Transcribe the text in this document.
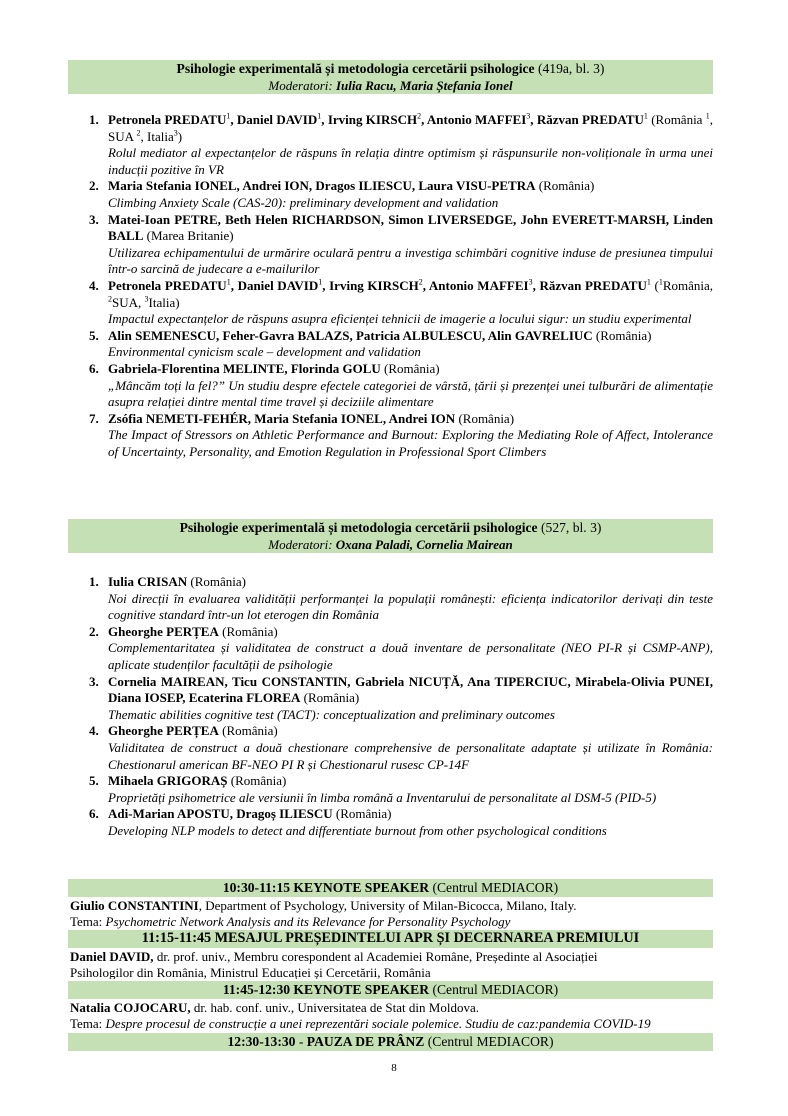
Psihologie experimentală și metodologia cercetării psihologice (419a, bl. 3)
Moderatori: Iulia Racu, Maria Ștefania Ionel
1. Petronela PREDATU$^1$, Daniel DAVID$^1$, Irving KIRSCH$^2$, Antonio MAFFEI$^3$, Răzvan PREDATU$^1$ (România $^1$, SUA $^2$, Italia$^3$)
Rolul mediator al expectanțelor de răspuns în relația dintre optimism și răspunsurile non-voliționale în urma unei inducții pozitive în VR
2. Maria Stefania IONEL, Andrei ION, Dragos ILIESCU, Laura VISU-PETRA (România)
Climbing Anxiety Scale (CAS-20): preliminary development and validation
3. Matei-Ioan PETRE, Beth Helen RICHARDSON, Simon LIVERSEDGE, John EVERETT-MARSH, Linden BALL (Marea Britanie)
Utilizarea echipamentului de urmărire oculară pentru a investiga schimbări cognitive induse de presiunea timpului într-o sarcină de judecare a e-mailurilor
4. Petronela PREDATU$^1$, Daniel DAVID$^1$, Irving KIRSCH$^2$, Antonio MAFFEI$^3$, Răzvan PREDATU$^1$ ($^1$România, $^2$SUA, $^3$Italia)
Impactul expectanțelor de răspuns asupra eficienței tehnicii de imagerie a locului sigur: un studiu experimental
5. Alin SEMENESCU, Feher-Gavra BALAZS, Patricia ALBULESCU, Alin GAVRELIUC (România)
Environmental cynicism scale – development and validation
6. Gabriela-Florentina MELINTE, Florinda GOLU (România)
„Mâncăm toți la fel?” Un studiu despre efectele categoriei de vârstă, țării și prezenței unei tulburări de alimentație asupra relației dintre mental time travel și deciziile alimentare
7. Zsófia NEMETI-FEHÉR, Maria Stefania IONEL, Andrei ION (România)
The Impact of Stressors on Athletic Performance and Burnout: Exploring the Mediating Role of Affect, Intolerance of Uncertainty, Personality, and Emotion Regulation in Professional Sport Climbers
Psihologie experimentală și metodologia cercetării psihologice (527, bl. 3)
Moderatori: Oxana Paladi, Cornelia Mairean
1. Iulia CRISAN (România)
Noi direcții în evaluarea validității performanței la populații românești: eficiența indicatorilor derivați din teste cognitive standard într-un lot eterogen din România
2. Gheorghe PERȚEA (România)
Complementaritatea și validitatea de construct a două inventare de personalitate (NEO PI-R și CSMP-ANP), aplicate studenților facultății de psihologie
3. Cornelia MAIREAN, Ticu CONSTANTIN, Gabriela NICUȚĂ, Ana TIPERCIUC, Mirabela-Olivia PUNEI, Diana IOSEP, Ecaterina FLOREA (România)
Thematic abilities cognitive test (TACT): conceptualization and preliminary outcomes
4. Gheorghe PERȚEA (România)
Validitatea de construct a două chestionare comprehensive de personalitate adaptate și utilizate în România: Chestionarul american BF-NEO PI R și Chestionarul rusesc CP-14F
5. Mihaela GRIGORAȘ (România)
Proprietăți psihometrice ale versiunii în limba română a Inventarului de personalitate al DSM-5 (PID-5)
6. Adi-Marian APOSTU, Dragoș ILIESCU (România)
Developing NLP models to detect and differentiate burnout from other psychological conditions
10:30-11:15 KEYNOTE SPEAKER (Centrul MEDIACOR)
Giulio CONSTANTINI, Department of Psychology, University of Milan-Bicocca, Milano, Italy.
Tema: Psychometric Network Analysis and its Relevance for Personality Psychology
11:15-11:45 MESAJUL PREȘEDINTELUI APR ȘI DECERNAREA PREMIULUI
Daniel DAVID, dr. prof. univ., Membru corespondent al Academiei Române, Președinte al Asociației
Psihologilor din România, Ministrul Educației și Cercetării, România
11:45-12:30 KEYNOTE SPEAKER (Centrul MEDIACOR)
Natalia COJOCARU, dr. hab. conf. univ., Universitatea de Stat din Moldova.
Tema: Despre procesul de construcție a unei reprezentări sociale polemice. Studiu de caz:pandemia COVID-19
12:30-13:30 - PAUZA DE PRÂNZ (Centrul MEDIACOR)
8
